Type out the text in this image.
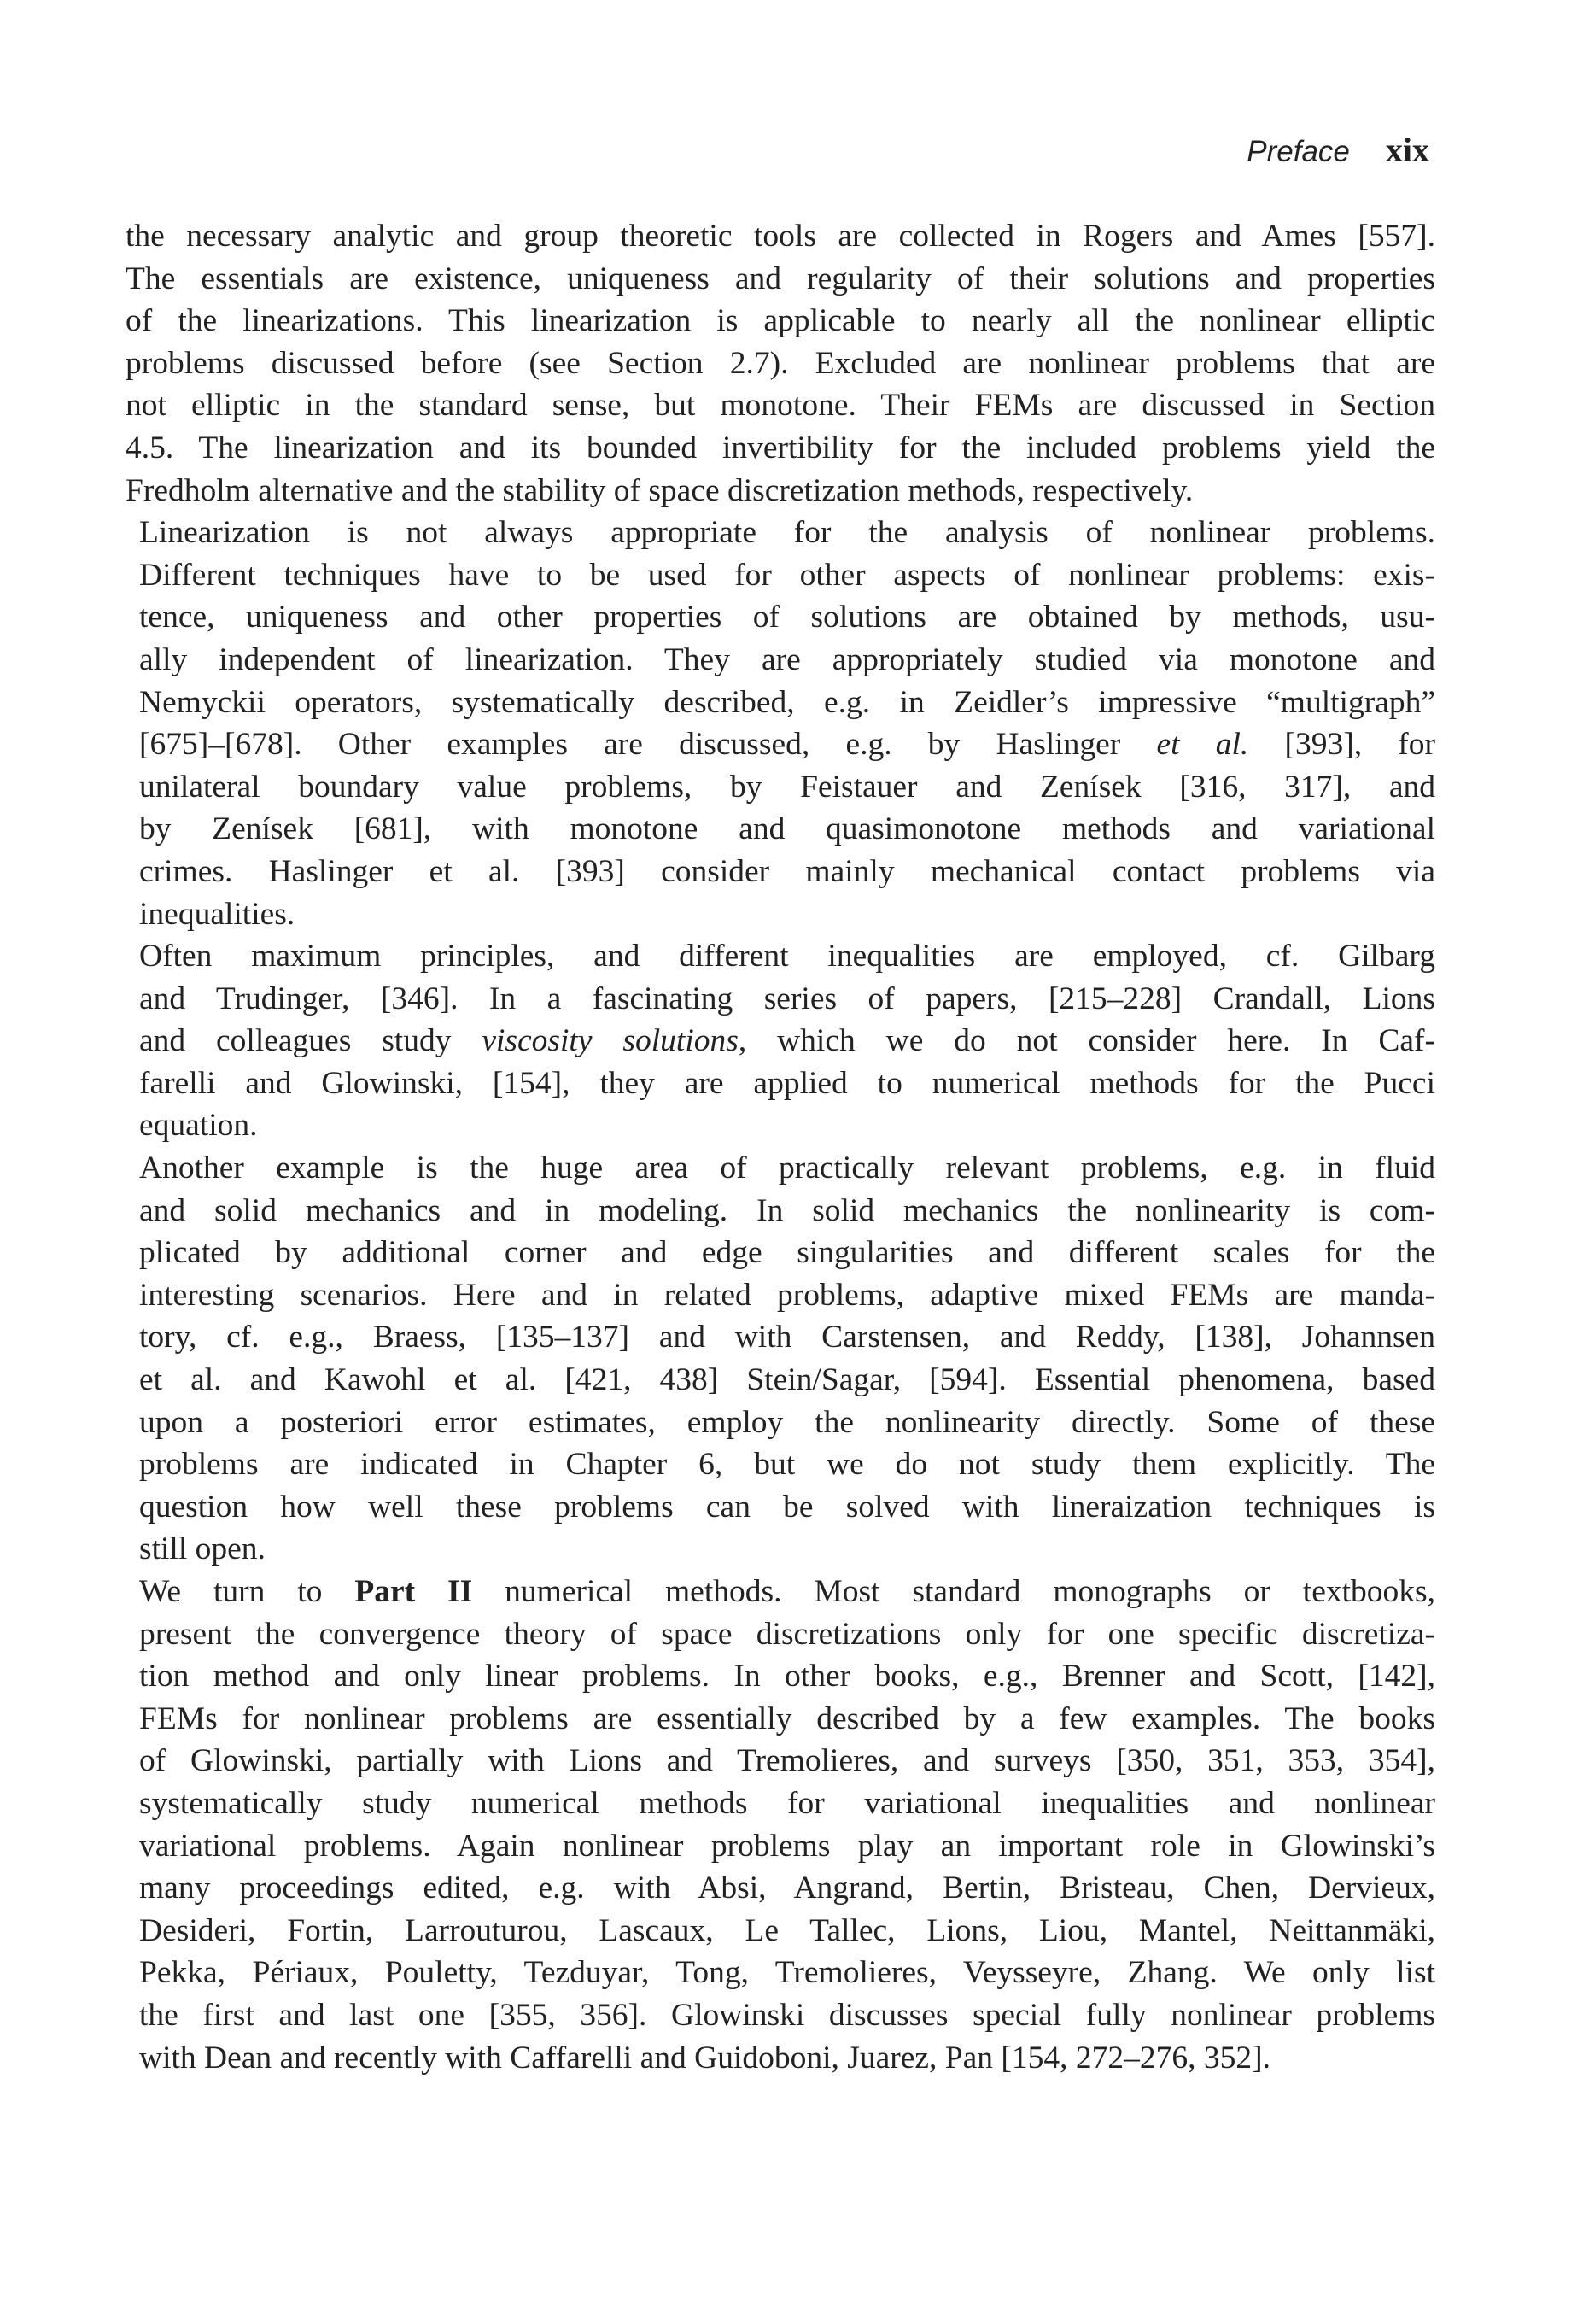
Preface xix
the necessary analytic and group theoretic tools are collected in Rogers and Ames [557].
The essentials are existence, uniqueness and regularity of their solutions and properties
of the linearizations. This linearization is applicable to nearly all the nonlinear elliptic
problems discussed before (see Section 2.7). Excluded are nonlinear problems that are
not elliptic in the standard sense, but monotone. Their FEMs are discussed in Section
4.5. The linearization and its bounded invertibility for the included problems yield the
Fredholm alternative and the stability of space discretization methods, respectively.
Linearization is not always appropriate for the analysis of nonlinear problems.
Different techniques have to be used for other aspects of nonlinear problems: exis-
tence, uniqueness and other properties of solutions are obtained by methods, usu-
ally independent of linearization. They are appropriately studied via monotone and
Nemyckii operators, systematically described, e.g. in Zeidler’s impressive “multigraph”
[675]–[678]. Other examples are discussed, e.g. by Haslinger et al. [393], for
unilateral boundary value problems, by Feistauer and Zenísek [316, 317], and
by Zenísek [681], with monotone and quasimonotone methods and variational
crimes. Haslinger et al. [393] consider mainly mechanical contact problems via
inequalities.
Often maximum principles, and different inequalities are employed, cf. Gilbarg
and Trudinger, [346]. In a fascinating series of papers, [215–228] Crandall, Lions
and colleagues study viscosity solutions, which we do not consider here. In Caf-
farelli and Glowinski, [154], they are applied to numerical methods for the Pucci
equation.
Another example is the huge area of practically relevant problems, e.g. in fluid
and solid mechanics and in modeling. In solid mechanics the nonlinearity is com-
plicated by additional corner and edge singularities and different scales for the
interesting scenarios. Here and in related problems, adaptive mixed FEMs are manda-
tory, cf. e.g., Braess, [135–137] and with Carstensen, and Reddy, [138], Johannsen
et al. and Kawohl et al. [421, 438] Stein/Sagar, [594]. Essential phenomena, based
upon a posteriori error estimates, employ the nonlinearity directly. Some of these
problems are indicated in Chapter 6, but we do not study them explicitly. The
question how well these problems can be solved with lineraization techniques is
still open.
We turn to Part II numerical methods. Most standard monographs or textbooks,
present the convergence theory of space discretizations only for one specific discretiza-
tion method and only linear problems. In other books, e.g., Brenner and Scott, [142],
FEMs for nonlinear problems are essentially described by a few examples. The books
of Glowinski, partially with Lions and Tremolieres, and surveys [350, 351, 353, 354],
systematically study numerical methods for variational inequalities and nonlinear
variational problems. Again nonlinear problems play an important role in Glowinski’s
many proceedings edited, e.g. with Absi, Angrand, Bertin, Bristeau, Chen, Dervieux,
Desideri, Fortin, Larrouturou, Lascaux, Le Tallec, Lions, Liou, Mantel, Neittanmäki,
Pekka, Périaux, Pouletty, Tezduyar, Tong, Tremolieres, Veysseyre, Zhang. We only list
the first and last one [355, 356]. Glowinski discusses special fully nonlinear problems
with Dean and recently with Caffarelli and Guidoboni, Juarez, Pan [154, 272–276, 352].
